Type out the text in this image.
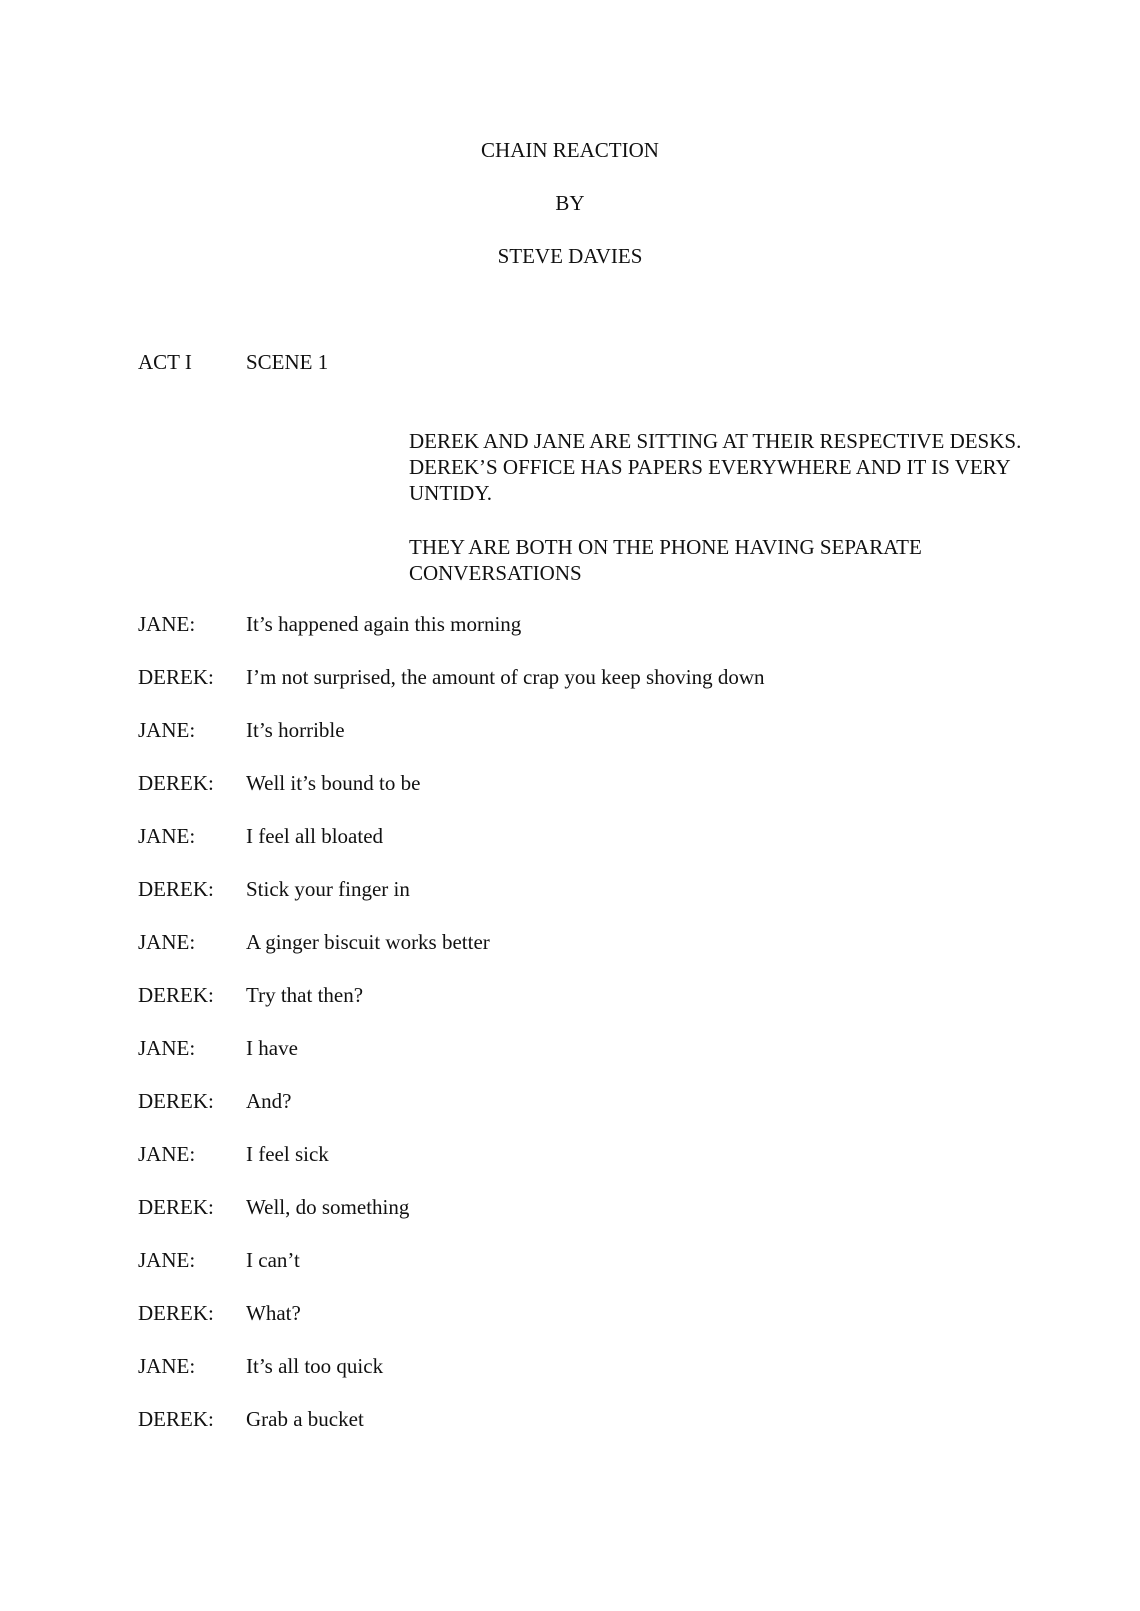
CHAIN REACTION
BY
STEVE DAVIES
ACT I	SCENE 1
DEREK AND JANE ARE SITTING AT THEIR RESPECTIVE DESKS. DEREK’S OFFICE HAS PAPERS EVERYWHERE AND IT IS VERY UNTIDY.
THEY ARE BOTH ON THE PHONE HAVING SEPARATE CONVERSATIONS
JANE: It’s happened again this morning
DEREK: I’m not surprised, the amount of crap you keep shoving down
JANE: It’s horrible
DEREK: Well it’s bound to be
JANE: I feel all bloated
DEREK: Stick your finger in
JANE: A ginger biscuit works better
DEREK: Try that then?
JANE: I have
DEREK: And?
JANE: I feel sick
DEREK: Well, do something
JANE: I can’t
DEREK: What?
JANE: It’s all too quick
DEREK: Grab a bucket
